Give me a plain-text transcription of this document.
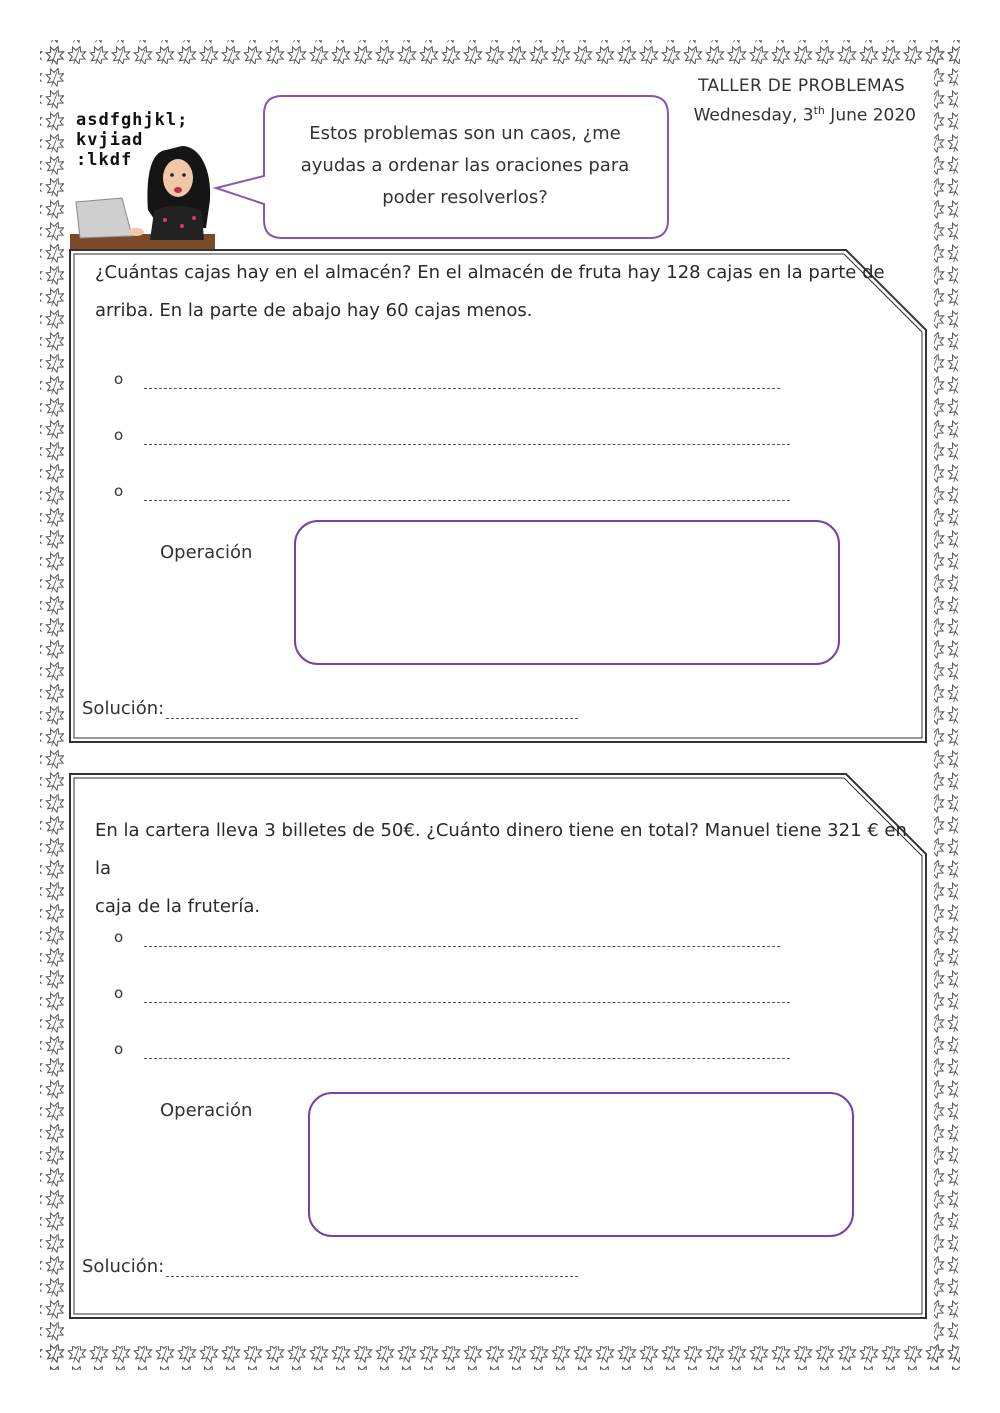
TALLER DE PROBLEMAS
Wednesday, 3th June 2020
asdfghjkl;
kvjiad
:lkdf
Estos problemas son un caos, ¿me
ayudas a ordenar las oraciones para
poder resolverlos?
¿Cuántas cajas hay en el almacén? En el almacén de fruta hay 128 cajas en la parte de
arriba. En la parte de abajo hay 60 cajas menos.
o
o
o
Operación
Solución:
En la cartera lleva 3 billetes de 50€. ¿Cuánto dinero tiene en total? Manuel tiene 321 € en la
caja de la frutería.
o
o
o
Operación
Solución:
